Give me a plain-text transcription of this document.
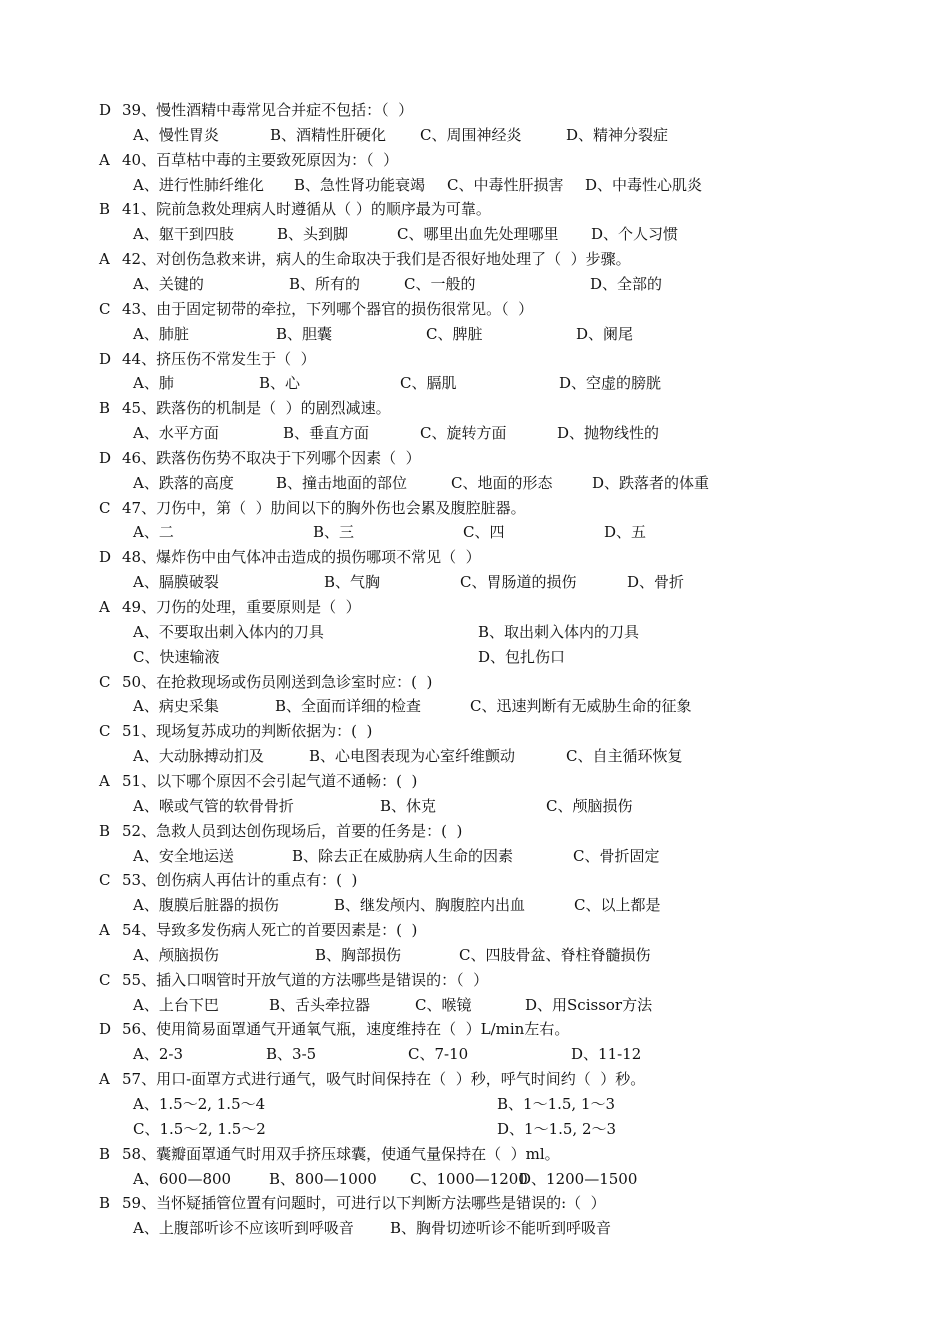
D 39、慢性酒精中毒常见合并症不包括：（  ）
A、慢性胃炎	B、酒精性肝硬化 C、周围神经炎	D、精神分裂症
A 40、百草枯中毒的主要致死原因为：（  ）
A、进行性肺纤维化 B、急性肾功能衰竭 C、中毒性肝损害 D、中毒性心肌炎
B 41、院前急救处理病人时遵循从（ ）的顺序最为可靠。
A、躯干到四肢	B、头到脚	C、哪里出血先处理哪里 D、个人习惯
A 42、对创伤急救来讲，病人的生命取决于我们是否很好地处理了（  ）步骤。
A、关键的	B、所有的	C、一般的	D、全部的
C 43、由于固定韧带的牵拉，下列哪个器官的损伤很常见。（  ）
A、肺脏	B、胆囊	C、脾脏	D、阑尾
D 44、挤压伤不常发生于（  ）
A、肺	B、心	C、膈肌	D、空虚的膀胱
B 45、跌落伤的机制是（  ）的剧烈减速。
A、水平方面	B、垂直方面	C、旋转方面	D、抛物线性的
D 46、跌落伤伤势不取决于下列哪个因素（  ）
A、跌落的高度	B、撞击地面的部位	C、地面的形态	D、跌落者的体重
C 47、刀伤中，第（  ）肋间以下的胸外伤也会累及腹腔脏器。
A、二	B、三	C、四	D、五
D 48、爆炸伤中由气体冲击造成的损伤哪项不常见（  ）
A、膈膜破裂	B、气胸	C、胃肠道的损伤	D、骨折
A 49、刀伤的处理，重要原则是（  ）
A、不要取出刺入体内的刀具	B、取出刺入体内的刀具
C、快速输液	D、包扎伤口
C 50、在抢救现场或伤员刚送到急诊室时应：(  )
A、病史采集	B、全面而详细的检查	C、迅速判断有无威胁生命的征象
C 51、现场复苏成功的判断依据为：(  )
A、大动脉搏动扪及	B、心电图表现为心室纤维颤动	C、自主循环恢复
A 51、以下哪个原因不会引起气道不通畅：(  )
A、喉或气管的软骨骨折	B、休克	C、颅脑损伤
B 52、急救人员到达创伤现场后，首要的任务是：(  )
A、安全地运送	B、除去正在威胁病人生命的因素	C、骨折固定
C 53、创伤病人再估计的重点有：(  )
A、腹膜后脏器的损伤	B、继发颅内、胸腹腔内出血	C、以上都是
A 54、导致多发伤病人死亡的首要因素是：(  )
A、颅脑损伤	B、胸部损伤	C、四肢骨盆、脊柱脊髓损伤
C 55、插入口咽管时开放气道的方法哪些是错误的：（  ）
A、上台下巴	B、舌头牵拉器	C、喉镜	D、用Scissor方法
D 56、使用简易面罩通气开通氧气瓶，速度维持在（  ）L/min左右。
A、2-3	B、3-5	C、7-10	D、11-12
A 57、用口-面罩方式进行通气，吸气时间保持在（  ）秒，呼气时间约（  ）秒。
A、1.5～2, 1.5～4	B、1～1.5, 1～3
C、1.5～2, 1.5～2	D、1～1.5, 2～3
B 58、囊瓣面罩通气时用双手挤压球囊，使通气量保持在（  ）ml。
A、600—800	B、800—1000 C、1000—1200
D、1200—1500
B 59、当怀疑插管位置有问题时，可进行以下判断方法哪些是错误的:（  ）
A、上腹部听诊不应该听到呼吸音 B、胸骨切迹听诊不能听到呼吸音
